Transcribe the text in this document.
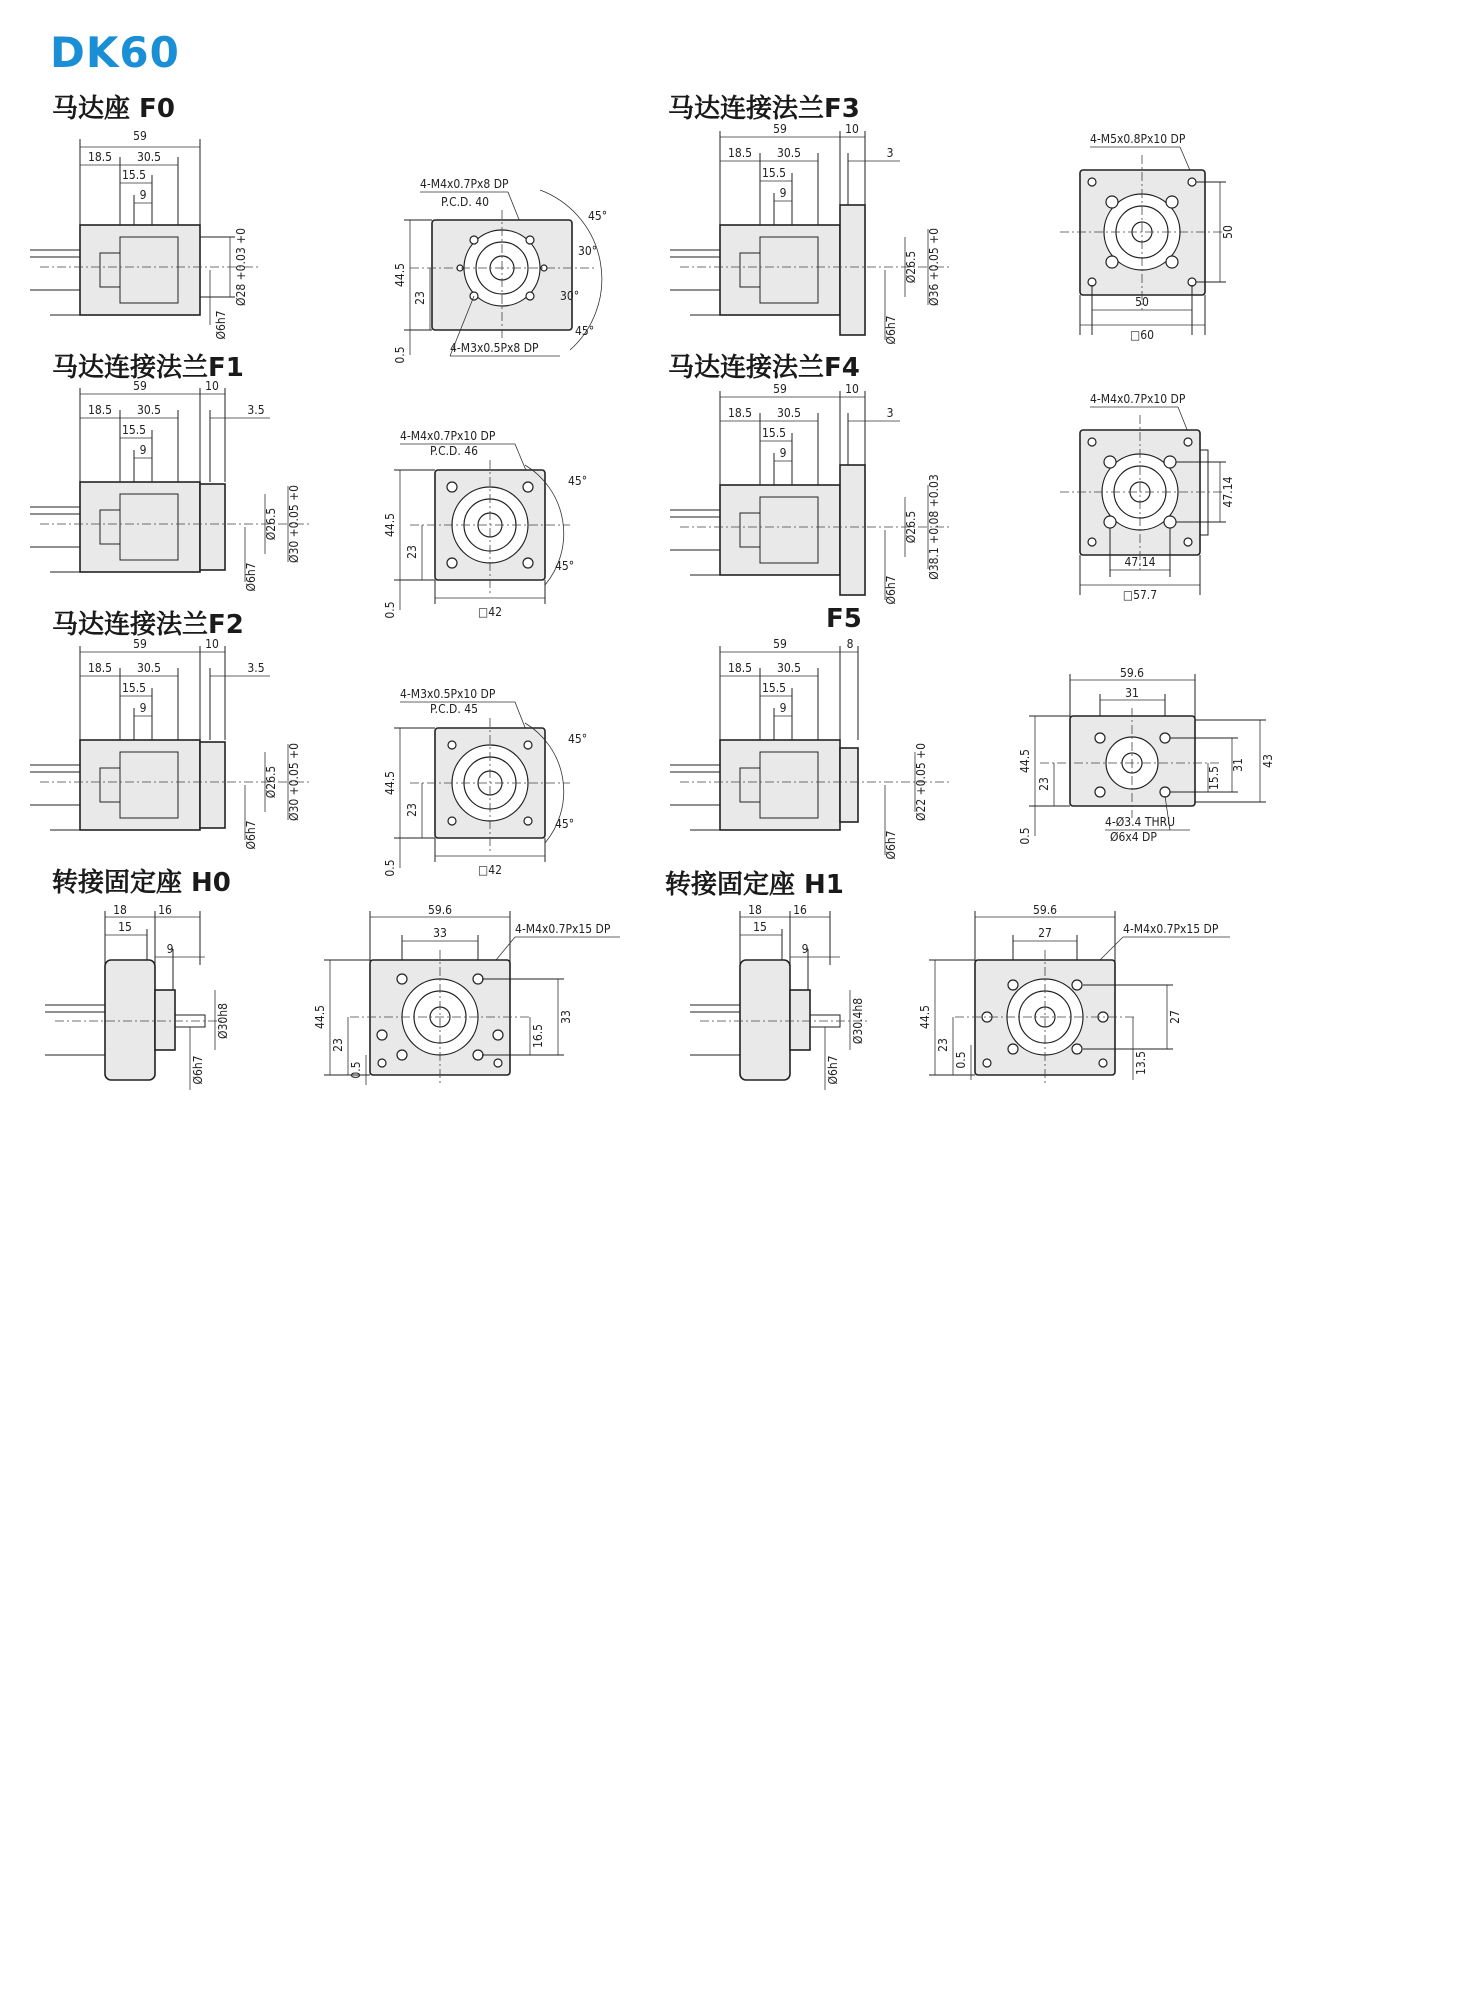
DK60
马达座 F0
59
18.5 30.5
15.5
9
Ø28 +0.03 +0
Ø6h7
4-M4x0.7Px8 DP
P.C.D. 40
45°
30°
30°
45°
44.5
23
0.5	4-M3x0.5Px8 DP
马达连接法兰F1
59	10
18.5 30.5	3.5
15.5
9
Ø26.5 Ø30 +0.05 +0
Ø6h7
4-M4x0.7Px10 DP
P.C.D. 46
45°
45°
44.5
23
0.5	□42
马达连接法兰F2
59	10
18.5 30.5	3.5
15.5
9
Ø26.5 Ø30 +0.05 +0
Ø6h7
4-M3x0.5Px10 DP
P.C.D. 45
45°
45°
44.5
23
0.5	□42
转接固定座 H0
18	16
15
9
Ø30h8
Ø6h7
59.6
33	4-M4x0.7Px15 DP
44.5
23
0.5
16.5
33
马达连接法兰F3
59	10
18.5 30.5	3
15.5
9
Ø26.5 Ø36 +0.05 +0
Ø6h7
4-M5x0.8Px10 DP
50
50
□60
马达连接法兰F4
59	10
18.5 30.5	3
15.5
9
Ø26.5 Ø38.1 +0.08 +0.03
Ø6h7
4-M4x0.7Px10 DP
47.14
47.14
□57.7
F5
59	8
18.5 30.5
15.5
9
Ø22 +0.05 +0
Ø6h7
59.6
31
44.5
23
0.5
15.5
31 43
4-Ø3.4 THRU
Ø6x4 DP
转接固定座 H1
18	16
15
9
Ø30.4h8
Ø6h7
59.6
27	4-M4x0.7Px15 DP
44.5
23
0.5
27
13.5
